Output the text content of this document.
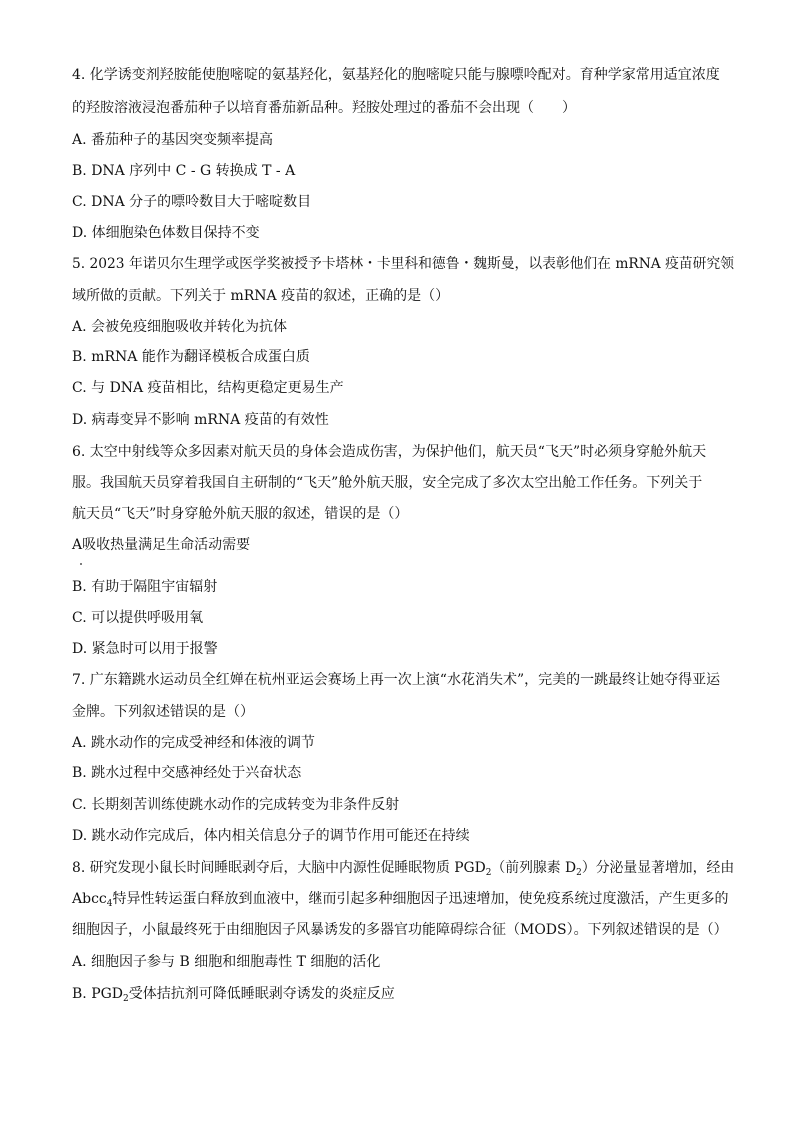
4. 化学诱变剂羟胺能使胞嘧啶的氨基羟化，氨基羟化的胞嘧啶只能与腺嘌呤配对。育种学家常用适宜浓度
的羟胺溶液浸泡番茄种子以培育番茄新品种。羟胺处理过的番茄不会出现（　　）
A. 番茄种子的基因突变频率提高
B. DNA 序列中 C - G 转换成 T - A
C. DNA 分子的嘌呤数目大于嘧啶数目
D. 体细胞染色体数目保持不变
5. 2023 年诺贝尔生理学或医学奖被授予卡塔林・卡里科和德鲁・魏斯曼，以表彰他们在 mRNA 疫苗研究领
域所做的贡献。下列关于 mRNA 疫苗的叙述，正确的是（）
A. 会被免疫细胞吸收并转化为抗体
B. mRNA 能作为翻译模板合成蛋白质
C. 与 DNA 疫苗相比，结构更稳定更易生产
D. 病毒变异不影响 mRNA 疫苗的有效性
6. 太空中射线等众多因素对航天员的身体会造成伤害，为保护他们，航天员“飞天”时必须身穿舱外航天
服。我国航天员穿着我国自主研制的“飞天”舱外航天服，安全完成了多次太空出舱工作任务。下列关于
航天员“飞天”时身穿舱外航天服的叙述，错误的是（）
A吸收热量满足生命活动需要
B. 有助于隔阻宇宙辐射
C. 可以提供呼吸用氧
D. 紧急时可以用于报警
7. 广东籍跳水运动员全红婵在杭州亚运会赛场上再一次上演“水花消失术”，完美的一跳最终让她夺得亚运
金牌。下列叙述错误的是（）
A. 跳水动作的完成受神经和体液的调节
B. 跳水过程中交感神经处于兴奋状态
C. 长期刻苦训练使跳水动作的完成转变为非条件反射
D. 跳水动作完成后，体内相关信息分子的调节作用可能还在持续
8. 研究发现小鼠长时间睡眠剥夺后，大脑中内源性促睡眠物质 $PGD_2$（前列腺素 $D_2$）分泌量显著增加，经由
Abcc$_4$特异性转运蛋白释放到血液中，继而引起多种细胞因子迅速增加，使免疫系统过度激活，产生更多的
细胞因子，小鼠最终死于由细胞因子风暴诱发的多器官功能障碍综合征（MODS）。下列叙述错误的是（）
A. 细胞因子参与 B 细胞和细胞毒性 T 细胞的活化
B. $PGD_2$受体拮抗剂可降低睡眠剥夺诱发的炎症反应
